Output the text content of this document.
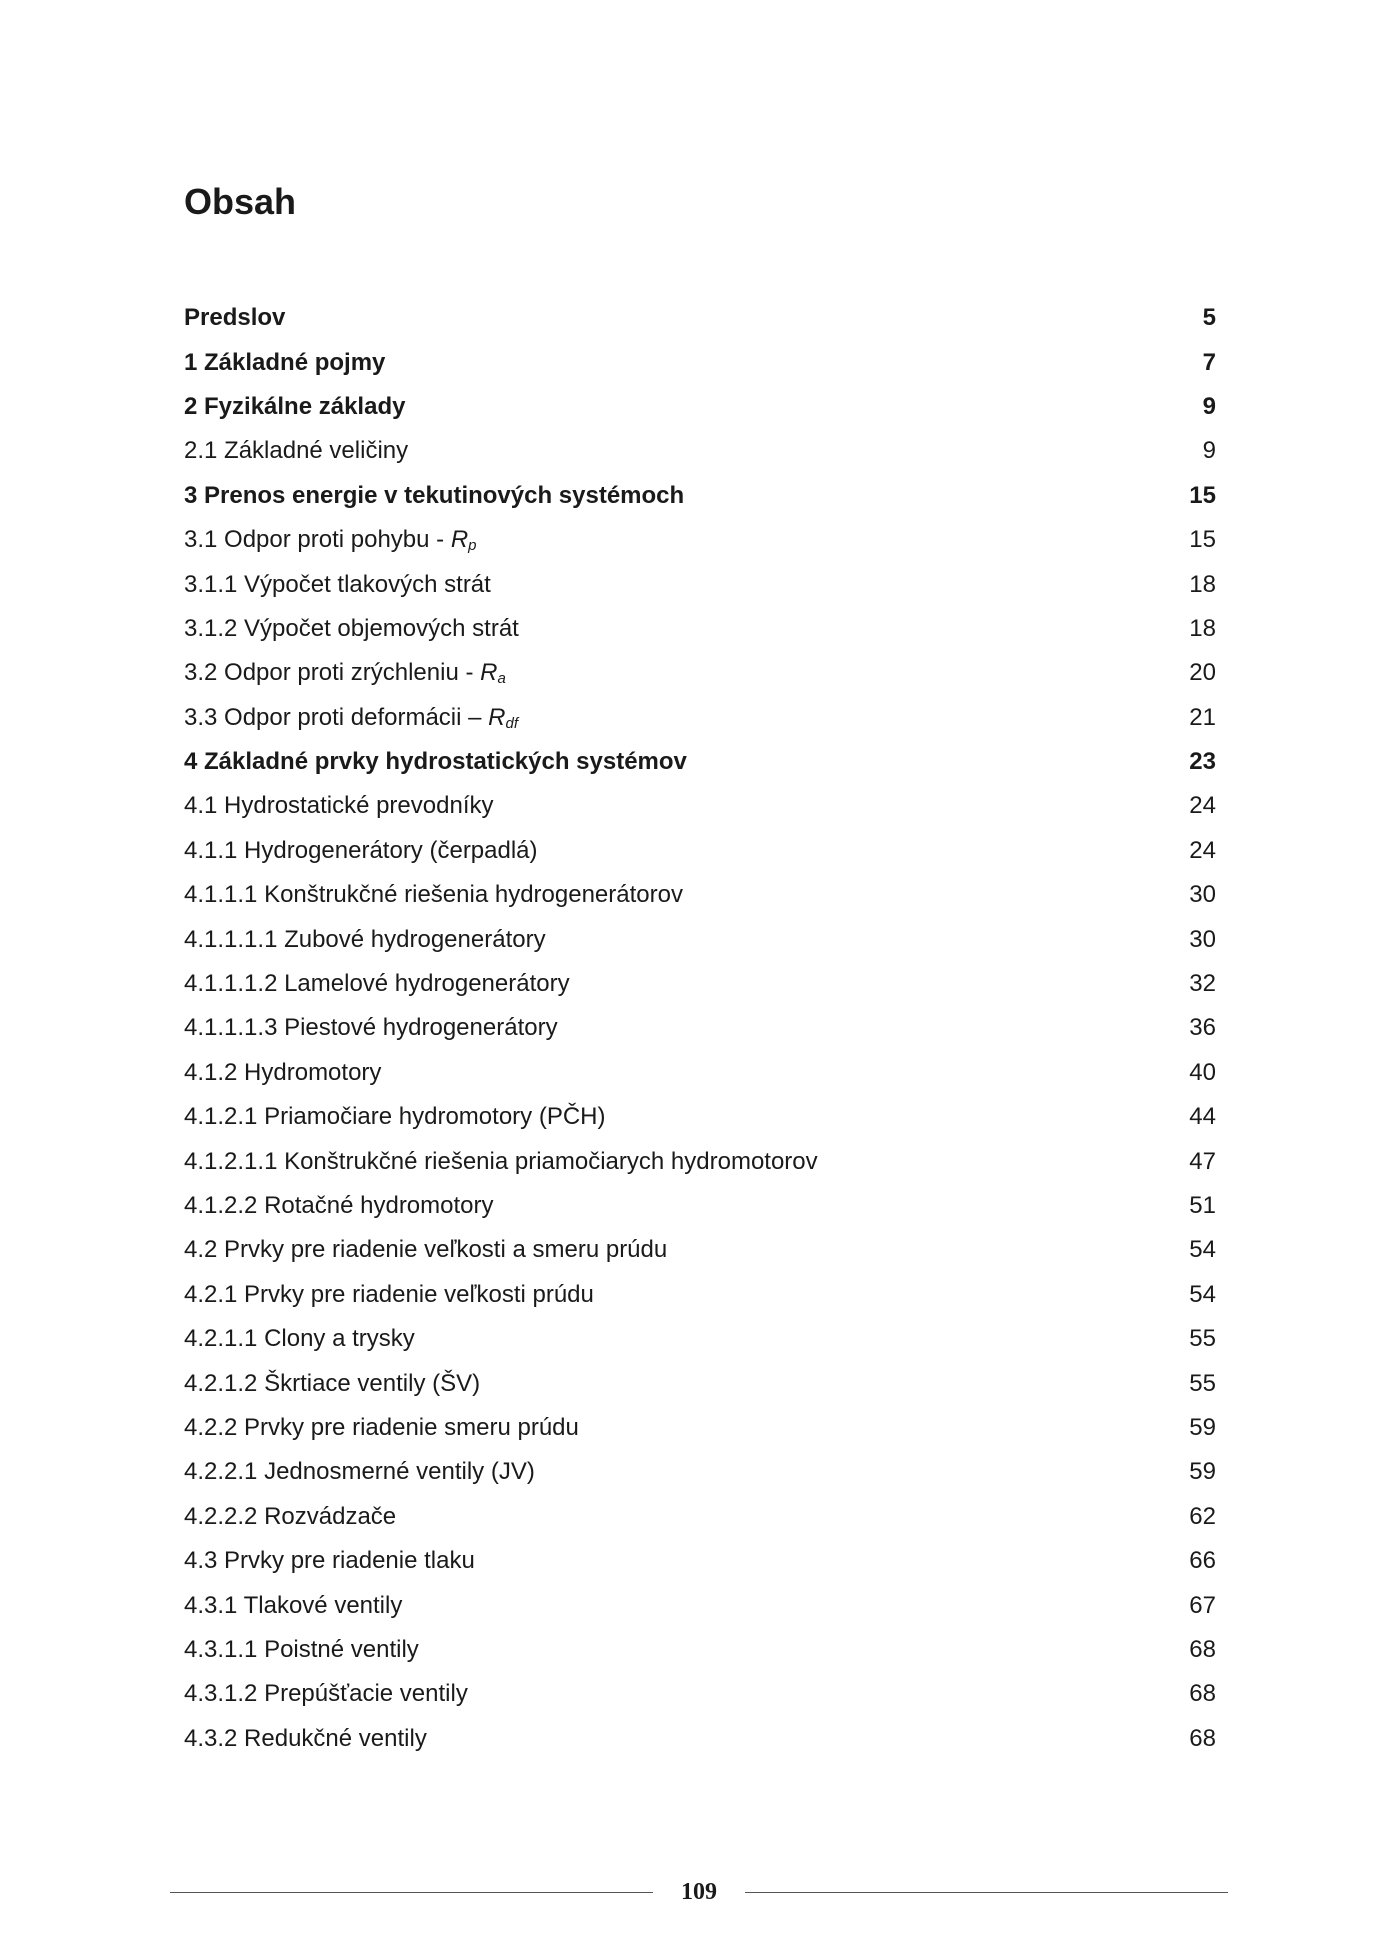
Obsah
Predslov	5
1 Základné pojmy	7
2 Fyzikálne základy	9
2.1 Základné veličiny	9
3 Prenos energie v tekutinových systémoch	15
3.1 Odpor proti pohybu - $R_p$	15
3.1.1 Výpočet tlakových strát	18
3.1.2 Výpočet objemových strát	18
3.2 Odpor proti zrýchleniu - $R_a$	20
3.3 Odpor proti deformácii – $R_{df}$	21
4 Základné prvky hydrostatických systémov	23
4.1 Hydrostatické prevodníky	24
4.1.1 Hydrogenerátory (čerpadlá)	24
4.1.1.1 Konštrukčné riešenia hydrogenerátorov	30
4.1.1.1.1 Zubové hydrogenerátory	30
4.1.1.1.2 Lamelové hydrogenerátory	32
4.1.1.1.3 Piestové hydrogenerátory	36
4.1.2 Hydromotory	40
4.1.2.1 Priamočiare hydromotory (PČH)	44
4.1.2.1.1 Konštrukčné riešenia priamočiarych hydromotorov	47
4.1.2.2 Rotačné hydromotory	51
4.2 Prvky pre riadenie veľkosti a smeru prúdu	54
4.2.1 Prvky pre riadenie veľkosti prúdu	54
4.2.1.1 Clony a trysky	55
4.2.1.2 Škrtiace ventily (ŠV)	55
4.2.2 Prvky pre riadenie smeru prúdu	59
4.2.2.1 Jednosmerné ventily (JV)	59
4.2.2.2 Rozvádzače	62
4.3 Prvky pre riadenie tlaku	66
4.3.1 Tlakové ventily	67
4.3.1.1 Poistné ventily	68
4.3.1.2 Prepúšťacie ventily	68
4.3.2 Redukčné ventily	68
109
